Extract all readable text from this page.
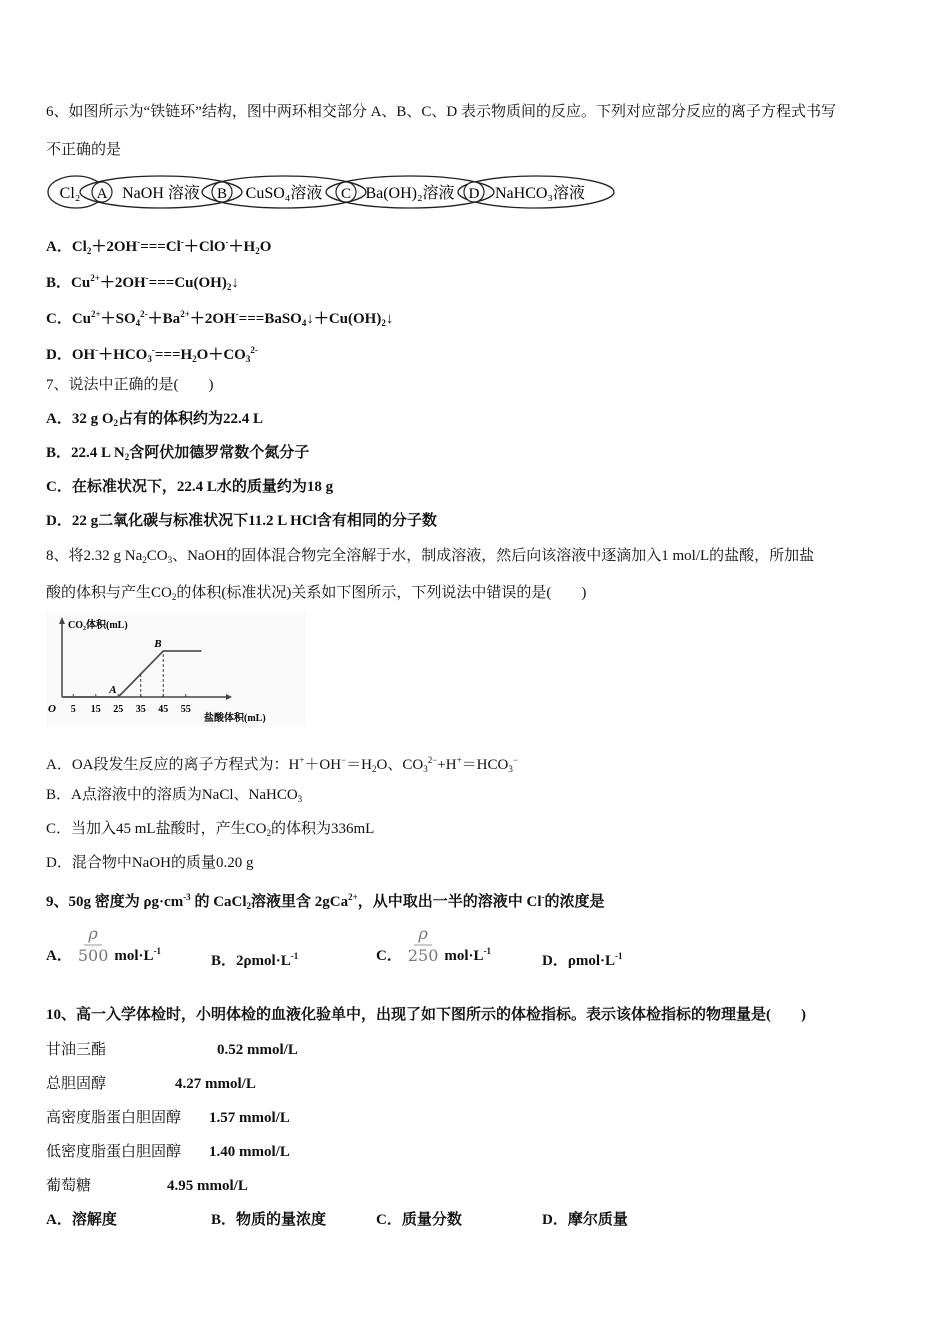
6、如图所示为“铁链环”结构，图中两环相交部分 A、B、C、D 表示物质间的反应。下列对应部分反应的离子方程式书写
不正确的是
Cl₂	NaOH 溶液	CuSO₄溶液	Ba(OH)₂溶液	NaHCO₃溶液
A	B	C	D
A．$Cl_2+2OH^-===Cl^-+ClO^-+H_2O$
B．$Cu^{2+}+2OH^-===Cu(OH)_2↓$
C．$Cu^{2+}+SO_4^{2-}+Ba^{2+}+2OH^-===BaSO_4↓+Cu(OH)_2↓$
D．$OH^-+HCO_3^-===H_2O+CO_3^{2-}$
7、说法中正确的是(　　)
A．32 g $O_2$占有的体积约为22.4 L
B．22.4 L $N_2$含阿伏加德罗常数个氮分子
C．在标准状况下，22.4 L水的质量约为18 g
D．22 g二氧化碳与标准状况下11.2 L HCl含有相同的分子数
8、将2.32 g $Na_2CO_3$、NaOH的固体混合物完全溶解于水，制成溶液，然后向该溶液中逐滴加入1 mol/L的盐酸，所加盐
酸的体积与产生$CO_2$的体积(标准状况)关系如下图所示，下列说法中错误的是(　　)
CO₂体积(mL)
盐酸体积(mL)
O 5 15 25 35 45 55
A
B
A．OA段发生反应的离子方程式为：$H^++OH^-=H_2O$、$CO_3^{2-}+H^+=HCO_3^-$
B．A点溶液中的溶质为NaCl、NaHCO$_3$
C．当加入45 mL盐酸时，产生$CO_2$的体积为336mL
D．混合物中NaOH的质量0.20 g
9、50g 密度为 $\rho g\cdot cm^{-3}$ 的 CaCl$_2$溶液里含 2gCa$^{2+}$，从中取出一半的溶液中 Cl-的浓度是
A． $\frac{\rho}{500} mol\cdot L^{-1}$
B． $2\rho mol\cdot L^{-1}$	C． $\frac{\rho}{250} mol\cdot L^{-1}$
D． $\rho mol\cdot L^{-1}$
10、高一入学体检时，小明体检的血液化验单中，出现了如下图所示的体检指标。表示该体检指标的物理量是(　　)
甘油三酯	0.52 mmol/L
总胆固醇	4.27 mmol/L
高密度脂蛋白胆固醇 1.57 mmol/L
低密度脂蛋白胆固醇 1.40 mmol/L
葡萄糖	4.95 mmol/L
A．溶解度	B．物质的量浓度	C．质量分数	D．摩尔质量
